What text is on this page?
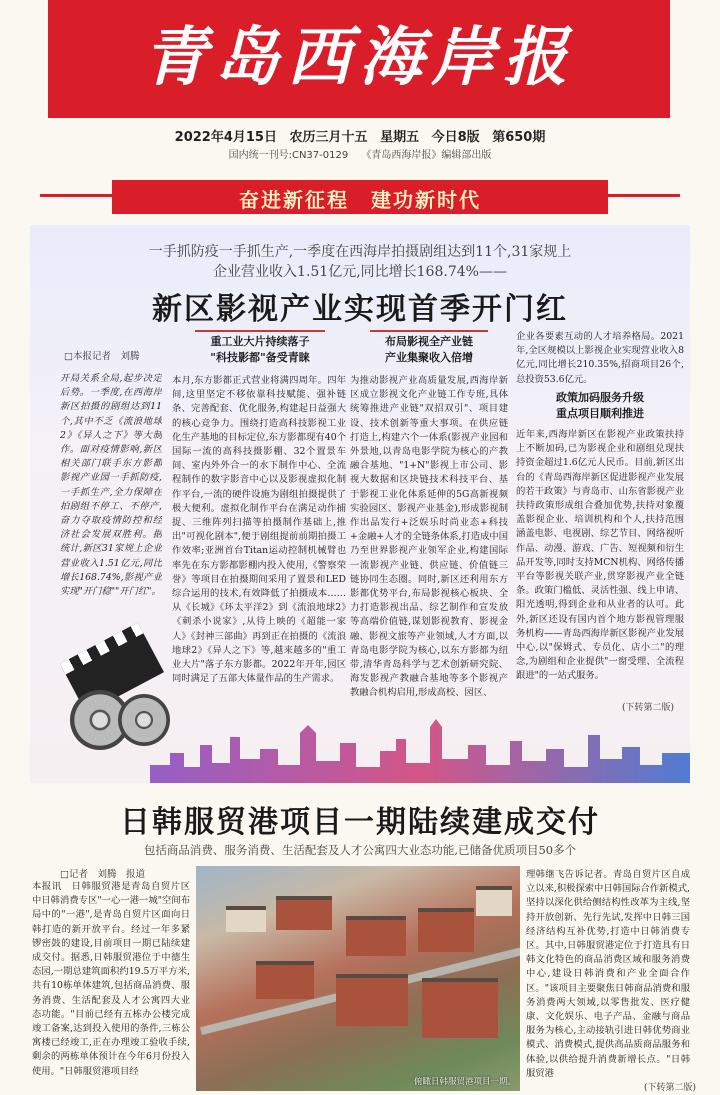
青岛西海岸报
2022年4月15日 农历三月十五 星期五 今日8版 第650期
国内统一刊号:CN37-0129 《青岛西海岸报》编辑部出版
奋进新征程　建功新时代
一手抓防疫一手抓生产,一季度在西海岸拍摄剧组达到11个,31家规上
企业营业收入1.51亿元,同比增长168.74%——
新区影视产业实现首季开门红
□本报记者　刘腾
开局关系全局,起步决定后势。一季度,在西海岸新区拍摄的剧组达到11个,其中不乏《流浪地球2》《异人之下》等大制作。面对疫情影响,新区相关部门联手东方影都影视产业园一手抓防疫,一手抓生产,全力保障在拍剧组不停工、不停产,奋力夺取疫情防控和经济社会发展双胜利。据统计,新区31家规上企业营业收入1.51亿元,同比增长168.74%,影视产业实现"开门稳""开门红"。
重工业大片持续落子
"科技影都"备受青睐
本月,东方影都正式营业将满四周年。四年间,这里坚定不移依靠科技赋能、强补链条、完善配套、优化服务,构建起日益强大的核心竞争力。围绕打造高科技影视工业化生产基地的目标定位,东方影都现有40个国际一流的高科技摄影棚、32个置景车间、室内外外合一的水下制作中心、全流程制作的数字影音中心以及影视虚拟化制作平台,一流的硬件设施为剧组拍摄提供了极大便利。虚拟化制作平台在满足动作捕捉、三维阵列扫描等拍摄制作基础上,推出"可视化剧本",便于剧组提前前期拍摄工作效率;亚洲首台Titan运动控制机械臂也率先在东方影都影棚内投入使用,《警察荣誉》等项目在拍摄期间采用了置景和LED综合运用的技术,有效降低了拍摄成本……从《长城》《环太平洋2》到《流浪地球2》《刺杀小说家》,从待上映的《超能一家人》《封神三部曲》再到正在拍摄的《流浪地球2》《异人之下》等,越来越多的"重工业大片"落子东方影都。2022年开年,园区同时满足了五部大体量作品的生产需求。
布局影视全产业链
产业集聚收入倍增
为推动影视产业高质量发展,西海岸新区成立影视文化产业链工作专班,具体统筹推进产业链"双招双引"、项目建设、技术创新等重大事项。在供应链打造上,构建六个一体系(影视产业园和外景地,以青岛电影学院为核心的产教融合基地、"1+N"影视上市公司、影视大数据和区块链技术科技平台、基于影视工业化体系延伸的5G高新视频实验园区、影视产业基金),形成影视制作出品发行+泛娱乐时尚业态+科技+金融+人才的全链条体系,打造成中国乃至世界影视产业领军企业,构建国际一流影视产业链、供应链、价值链三链协同生态圈。同时,新区还利用东方影都优势平台,布局影视核心板块、全力打造影视出品、综艺制作和宣发放等高端价值链,谋划影视教育、影视金融、影视文旅等产业领域,人才方面,以青岛电影学院为核心,以东方影都为纽带,清华青岛科学与艺术创新研究院、海发影视产教融合基地等多个影视产教融合机构启用,形成高校、园区、
企业各要素互动的人才培养格局。2021年,全区规模以上影视企业实现营业收入8亿元,同比增长210.35%,招商项目26个,总投资53.6亿元。
政策加码服务升级
重点项目顺利推进
近年来,西海岸新区在影视产业政策扶持上不断加码,已为影视企业和剧组兑现扶持资金超过1.6亿元人民币。目前,新区出台的《青岛西海岸新区促进影视产业发展的若干政策》与青岛市、山东省影视产业扶持政策形成组合叠加优势,扶持对象覆盖影视企业、培训机构和个人,扶持范围涵盖电影、电视剧、综艺节目、网络视听作品、动漫、游戏、广告、短视频和衍生品开发等,同时支持MCN机构、网络传播平台等影视关联产业,贯穿影视产业全链条。政策门槛低、灵活性强、线上申请、阳光透明,得到企业和从业者的认可。此外,新区还设有国内首个地方影视管理服务机构——青岛西海岸新区影视产业发展中心,以"保姆式、专员化、店小二"的理念,为剧组和企业提供"一窗受理、全流程跟进"的一站式服务。
(下转第二版)
日韩服贸港项目一期陆续建成交付
包括商品消费、服务消费、生活配套及人才公寓四大业态功能,已储备优质项目50多个
□记者　刘腾　报道
本报讯　日韩服贸港是青岛自贸片区中日韩消费专区"一心一港一城"空间布局中的"一港",是青岛自贸片区面向日韩打造的新开放平台。经过一年多紧锣密鼓的建设,目前项目一期已陆续建成交付。据悉,日韩服贸港位于中德生态园,一期总建筑面积约19.5万平方米,共有10栋单体建筑,包括商品消费、服务消费、生活配套及人才公寓四大业态功能。"目前已经有五栋办公楼完成竣工备案,达到投入使用的条件,三栋公寓楼已经竣工,正在办理竣工验收手续,剩余的两栋单体预计在今年6月份投入使用。"日韩服贸港项目经
俯瞰日韩服贸港项目一期。
理韩继飞告诉记者。青岛自贸片区自成立以来,积极探索中日韩国际合作新模式,坚持以深化供给侧结构性改革为主线,坚持开放创新、先行先试,发挥中日韩三国经济结构互补优势,打造中日韩消费专区。其中,日韩服贸港定位于打造具有日韩文化特色的商品消费区域和服务消费中心,建设日韩消费和产业全面合作区。"该项目主要聚焦日韩商品消费和服务消费两大领域,以零售批发、医疗健康、文化娱乐、电子产品、金融与商品服务为核心,主动接轨引进日韩优势商业模式、消费模式,提供高品质商品服务和体验,以供给提升消费新增长点。"日韩服贸港
(下转第二版)
